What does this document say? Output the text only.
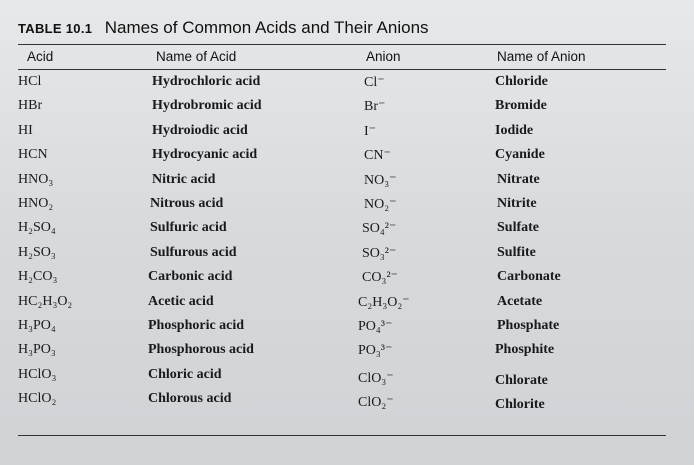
TABLE 10.1 Names of Common Acids and Their Anions
Acid	Name of Acid	Anion	Name of Anion
HCl	Hydrochloric acid	Cl⁻	Chloride
HBr	Hydrobromic acid	Br⁻	Bromide
HI	Hydroiodic acid	I⁻	Iodide
HCN	Hydrocyanic acid	CN⁻	Cyanide
HNO₃	Nitric acid	NO₃⁻	Nitrate
HNO₂	Nitrous acid	NO₂⁻	Nitrite
H₂SO₄	Sulfuric acid	SO₄²⁻	Sulfate
H₂SO₃	Sulfurous acid	SO₃²⁻	Sulfite
H₂CO₃	Carbonic acid	CO₃²⁻	Carbonate
HC₂H₃O₂	Acetic acid	C₂H₃O₂⁻	Acetate
H₃PO₄	Phosphoric acid	PO₄³⁻	Phosphate
H₃PO₃	Phosphorous acid	PO₃³⁻	Phosphite
HClO₃	Chloric acid	ClO₃⁻	Chlorate
HClO₂	Chlorous acid	ClO₂⁻	Chlorite
